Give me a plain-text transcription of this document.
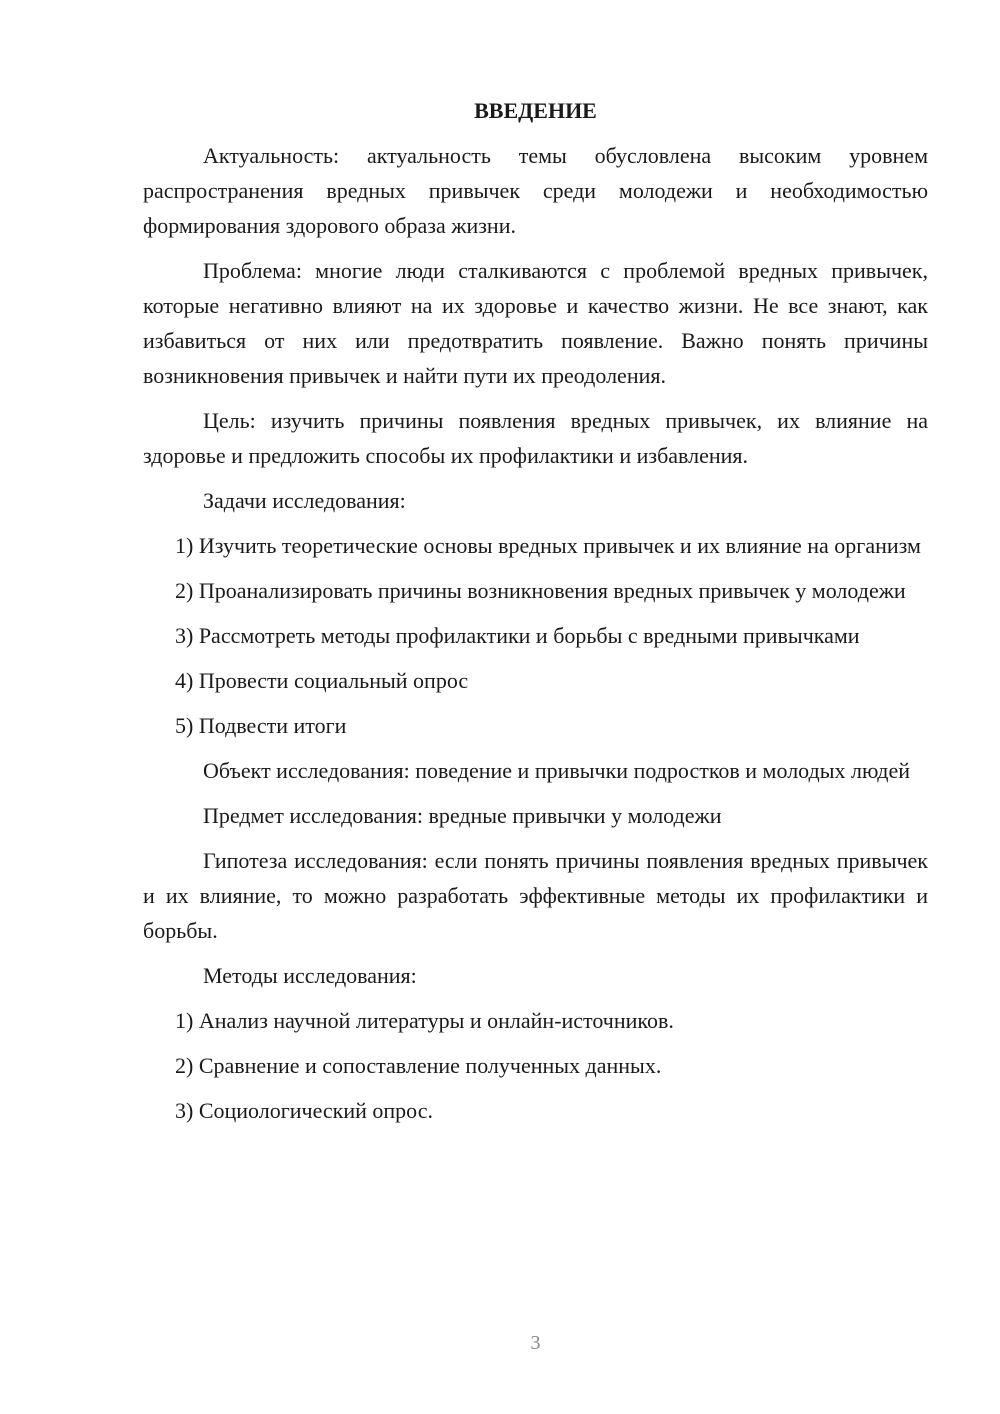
ВВЕДЕНИЕ

Актуальность: актуальность темы обусловлена высоким уровнем распространения вредных привычек среди молодежи и необходимостью формирования здорового образа жизни.

Проблема: многие люди сталкиваются с проблемой вредных привычек, которые негативно влияют на их здоровье и качество жизни. Не все знают, как избавиться от них или предотвратить появление. Важно понять причины возникновения привычек и найти пути их преодоления.

Цель: изучить причины появления вредных привычек, их влияние на здоровье и предложить способы их профилактики и избавления.

Задачи исследования:

1) Изучить теоретические основы вредных привычек и их влияние на организм

2) Проанализировать причины возникновения вредных привычек у молодежи

3) Рассмотреть методы профилактики и борьбы с вредными привычками

4) Провести социальный опрос

5) Подвести итоги

Объект исследования: поведение и привычки подростков и молодых людей

Предмет исследования: вредные привычки у молодежи

Гипотеза исследования: если понять причины появления вредных привычек и их влияние, то можно разработать эффективные методы их профилактики и борьбы.

Методы исследования:

1) Анализ научной литературы и онлайн-источников.

2) Сравнение и сопоставление полученных данных.

3) Социологический опрос.

3
